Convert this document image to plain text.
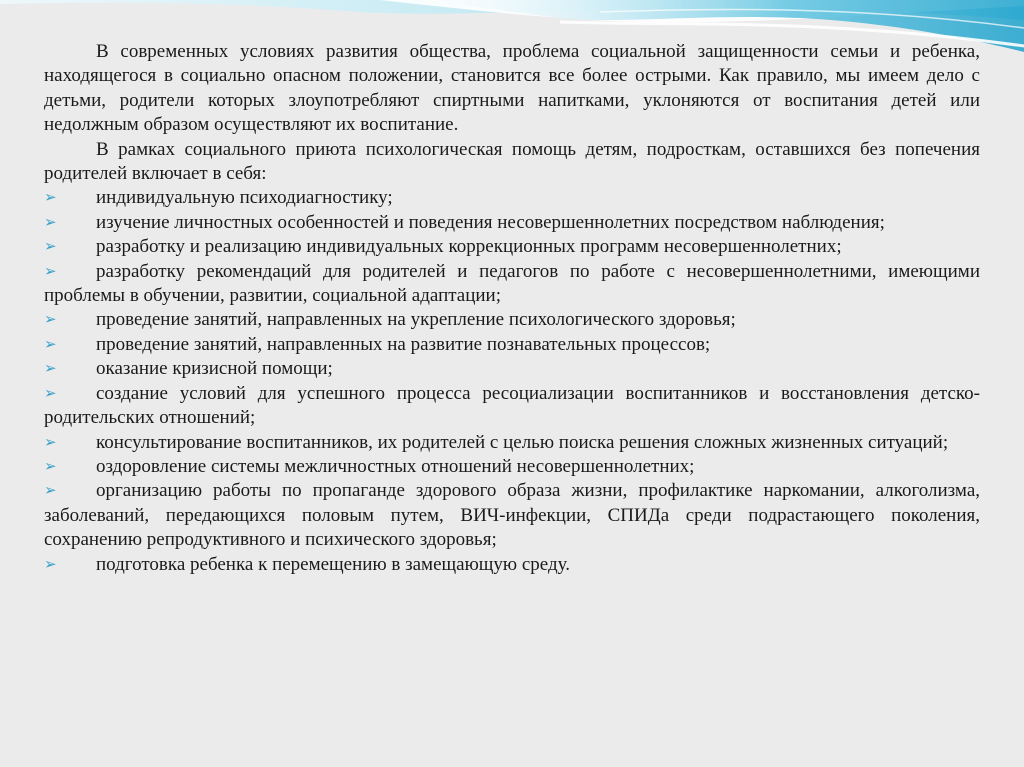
В современных условиях развития общества, проблема социальной защищенности семьи и ребенка, находящегося в социально опасном положении, становится все более острыми. Как правило, мы имеем дело с детьми, родители которых злоупотребляют спиртными напитками, уклоняются от воспитания детей или недолжным образом осуществляют их воспитание.

В рамках социального приюта психологическая помощь детям, подросткам, оставшихся без попечения родителей включает в себя:

➢	индивидуальную психодиагностику;
➢	изучение личностных особенностей и поведения несовершеннолетних посредством наблюдения;
➢	разработку и реализацию индивидуальных коррекционных программ несовершеннолетних;
➢	разработку рекомендаций для родителей и педагогов по работе с несовершеннолетними, имеющими проблемы в обучении, развитии, социальной адаптации;
➢	проведение занятий, направленных на укрепление психологического здоровья;
➢	проведение занятий, направленных на развитие познавательных процессов;
➢	оказание кризисной помощи;
➢	создание условий для успешного процесса ресоциализации воспитанников и восстановления детско-родительских отношений;
➢	консультирование воспитанников, их родителей с целью поиска решения сложных жизненных ситуаций;
➢	оздоровление системы межличностных отношений несовершеннолетних;
➢	организацию работы по пропаганде здорового образа жизни, профилактике наркомании, алкоголизма, заболеваний, передающихся половым путем, ВИЧ-инфекции, СПИДа среди подрастающего поколения, сохранению репродуктивного и психического здоровья;
➢	подготовка ребенка к перемещению в замещающую среду.
